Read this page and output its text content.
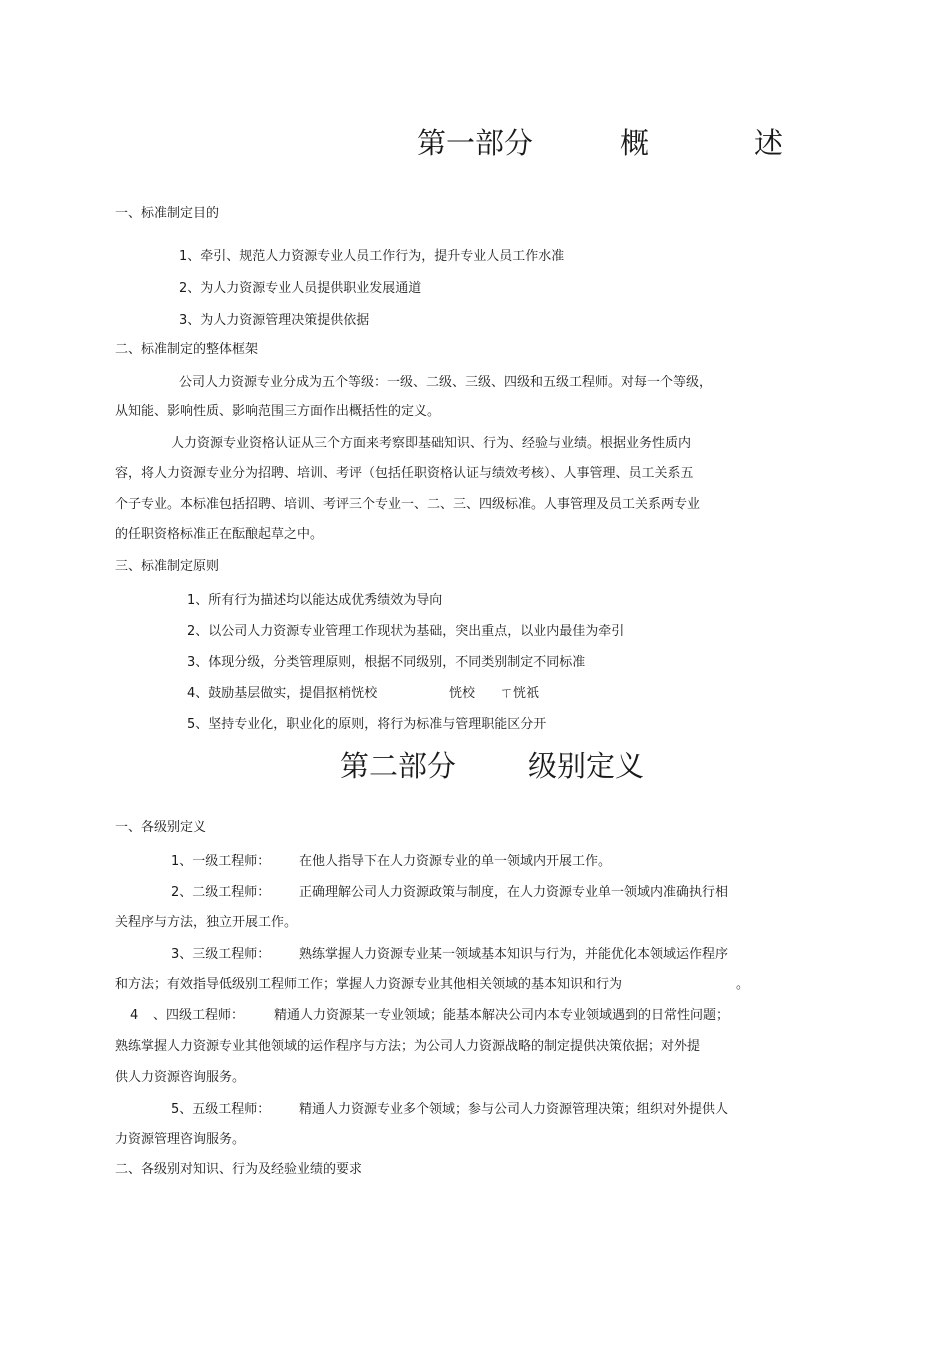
第一部分	概	述
一、标准制定目的
1、牵引、规范人力资源专业人员工作行为，提升专业人员工作水准
2、为人力资源专业人员提供职业发展通道
3、为人力资源管理决策提供依据
二、标准制定的整体框架
公司人力资源专业分成为五个等级：一级、二级、三级、四级和五级工程师。对每一个等级，
从知能、影响性质、影响范围三方面作出概括性的定义。
人力资源专业资格认证从三个方面来考察即基础知识、行为、经验与业绩。根据业务性质内
容，将人力资源专业分为招聘、培训、考评（包括任职资格认证与绩效考核）、人事管理、员工关系五
个子专业。本标准包括招聘、培训、考评三个专业一、二、三、四级标准。人事管理及员工关系两专业
的任职资格标准正在酝酿起草之中。
三、标准制定原则
1、所有行为描述均以能达成优秀绩效为导向
2、以公司人力资源专业管理工作现状为基础，突出重点，以业内最佳为牵引
3、体现分级，分类管理原则，根据不同级别，不同类别制定不同标准
4、鼓励基层做实，提倡抠梢恍校	恍校 ㄒ恍祇
5、坚持专业化，职业化的原则，将行为标准与管理职能区分开
第二部分 级别定义
一、各级别定义
1、一级工程师： 在他人指导下在人力资源专业的单一领域内开展工作。
2、二级工程师： 正确理解公司人力资源政策与制度，在人力资源专业单一领域内准确执行相
关程序与方法，独立开展工作。
3、三级工程师： 熟练掌握人力资源专业某一领域基本知识与行为，并能优化本领域运作程序
和方法；有效指导低级别工程师工作；掌握人力资源专业其他相关领域的基本知识和行为	。
4 、四级工程师： 精通人力资源某一专业领域；能基本解决公司内本专业领域遇到的日常性问题；
熟练掌握人力资源专业其他领域的运作程序与方法；为公司人力资源战略的制定提供决策依据；对外提
供人力资源咨询服务。
5、五级工程师： 精通人力资源专业多个领域；参与公司人力资源管理决策；组织对外提供人
力资源管理咨询服务。
二、各级别对知识、行为及经验业绩的要求
